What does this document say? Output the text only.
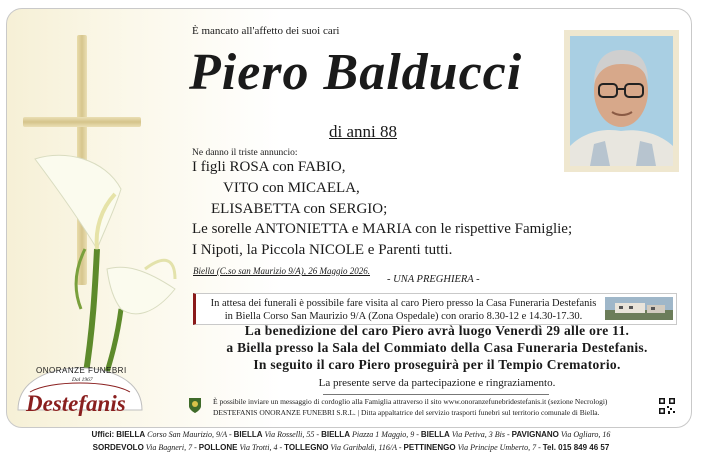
È mancato all'affetto dei suoi cari
Piero Balducci
di anni 88
Ne danno il triste annuncio:
I figli ROSA con FABIO,
VITO con MICAELA,
ELISABETTA con SERGIO;
Le sorelle ANTONIETTA e MARIA con le rispettive Famiglie;
I Nipoti, la Piccola NICOLE e Parenti tutti.
Biella (C.so san Maurizio 9/A), 26 Maggio 2026.
- UNA PREGHIERA -
In attesa dei funerali è possibile fare visita al caro Piero presso la Casa Funeraria Destefanis
in Biella Corso San Maurizio 9/A (Zona Ospedale) con orario 8.30-12 e 14.30-17.30.
La benedizione del caro Piero avrà luogo Venerdì 29 alle ore 11.
a Biella presso la Sala del Commiato della Casa Funeraria Destefanis.
In seguito il caro Piero proseguirà per il Tempio Crematorio.
La presente serve da partecipazione e ringraziamento.
ONORANZE FUNEBRI
Dal 1967
Destefanis	È possibile inviare un messaggio di cordoglio alla Famiglia attraverso il sito www.onoranzefunebridestefanis.it (sezione Necrologi)
DESTEFANIS ONORANZE FUNEBRI S.R.L. | Ditta appaltatrice del servizio trasporti funebri sul territorio comunale di Biella.
Uffici: BIELLA Corso San Maurizio, 9/A - BIELLA Via Rosselli, 55 - BIELLA Piazza 1 Maggio, 9 - BIELLA Via Petiva, 3 Bis - PAVIGNANO Via Ogliaro, 16
SORDEVOLO Via Bagneri, 7 - POLLONE Via Trotti, 4 - TOLLEGNO Via Garibaldi, 116/A - PETTINENGO Via Principe Umberto, 7 - Tel. 015 849 46 57
